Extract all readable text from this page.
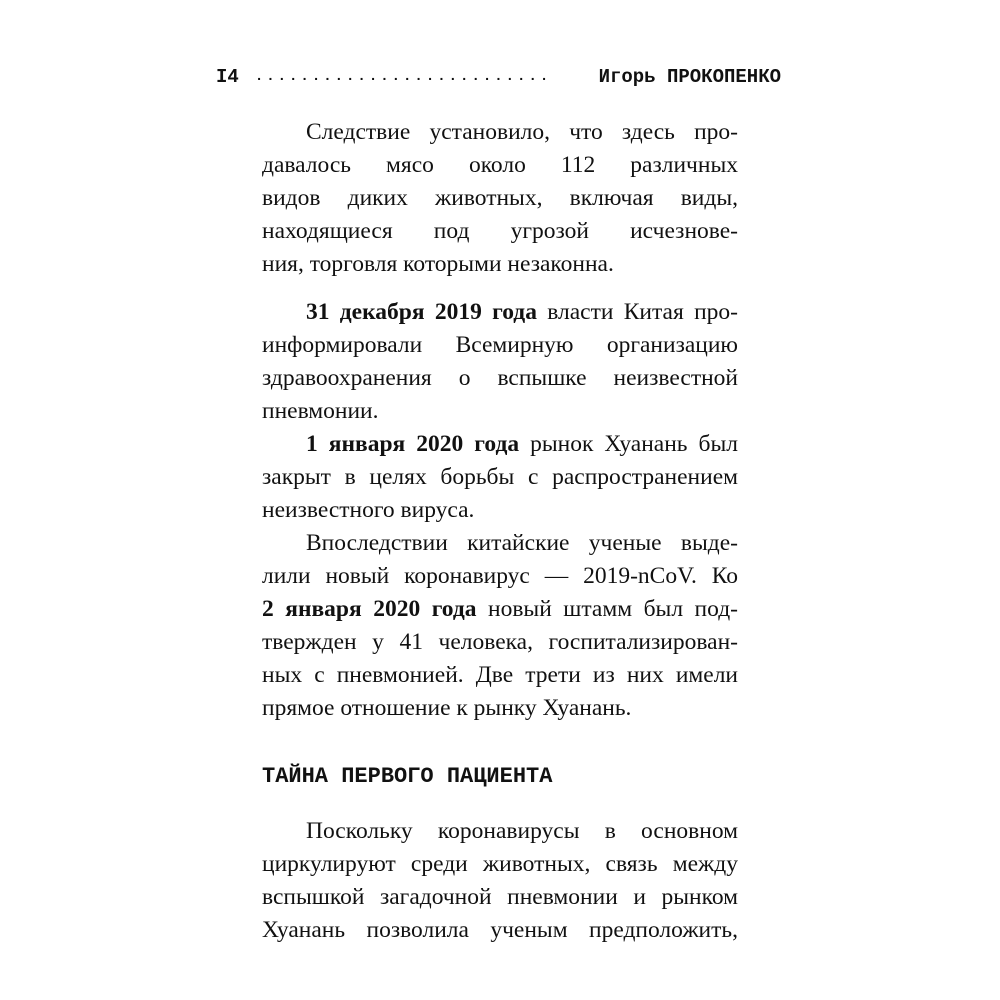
I4 ..........................	Игорь ПРОКОПЕНКО
Следствие установило, что здесь про-
давалось мясо около 112 различных
видов диких животных, включая виды,
находящиеся под угрозой исчезнове-
ния, торговля которыми незаконна.
31 декабря 2019 года власти Китая про-
информировали Всемирную организацию
здравоохранения о вспышке неизвестной
пневмонии.
1 января 2020 года рынок Хуанань был
закрыт в целях борьбы с распространением
неизвестного вируса.
Впоследствии китайские ученые выде-
лили новый коронавирус — 2019-nCoV. Ко
2 января 2020 года новый штамм был под-
твержден у 41 человека, госпитализирован-
ных с пневмонией. Две трети из них имели
прямое отношение к рынку Хуанань.
ТАЙНА ПЕРВОГО ПАЦИЕНТА
Поскольку коронавирусы в основном
циркулируют среди животных, связь между
вспышкой загадочной пневмонии и рынком
Хуанань позволила ученым предположить,
